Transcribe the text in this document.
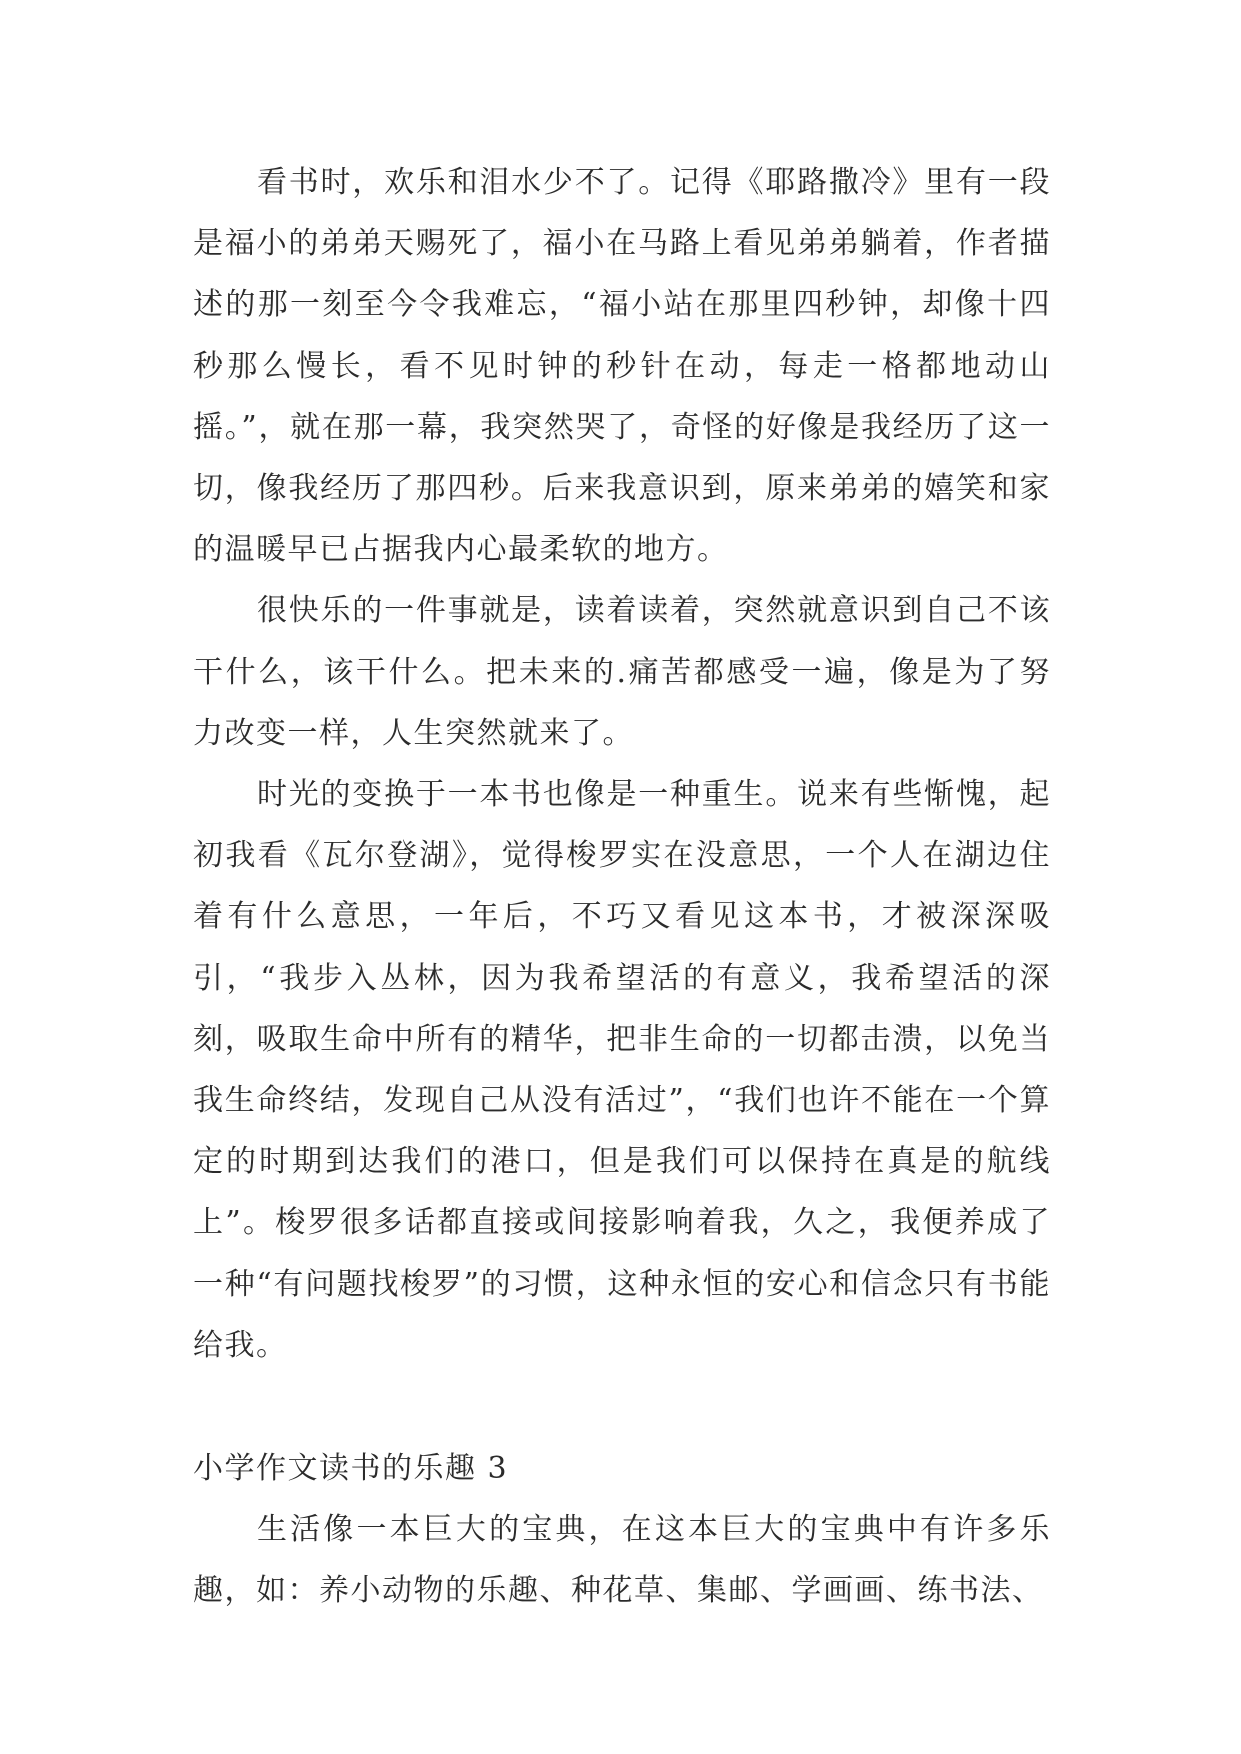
看书时，欢乐和泪水少不了。记得《耶路撒冷》里有一段是福小的弟弟天赐死了，福小在马路上看见弟弟躺着，作者描述的那一刻至今令我难忘，“福小站在那里四秒钟，却像十四秒那么慢长，看不见时钟的秒针在动，每走一格都地动山摇。”，就在那一幕，我突然哭了，奇怪的好像是我经历了这一切，像我经历了那四秒。后来我意识到，原来弟弟的嬉笑和家的温暖早已占据我内心最柔软的地方。

很快乐的一件事就是，读着读着，突然就意识到自己不该干什么，该干什么。把未来的.痛苦都感受一遍，像是为了努力改变一样，人生突然就来了。

时光的变换于一本书也像是一种重生。说来有些惭愧，起初我看《瓦尔登湖》，觉得梭罗实在没意思，一个人在湖边住着有什么意思，一年后，不巧又看见这本书，才被深深吸引，“我步入丛林，因为我希望活的有意义，我希望活的深刻，吸取生命中所有的精华，把非生命的一切都击溃，以免当我生命终结，发现自己从没有活过”，“我们也许不能在一个算定的时期到达我们的港口，但是我们可以保持在真是的航线上”。梭罗很多话都直接或间接影响着我，久之，我便养成了一种“有问题找梭罗”的习惯，这种永恒的安心和信念只有书能给我。

小学作文读书的乐趣 3

生活像一本巨大的宝典，在这本巨大的宝典中有许多乐趣，如：养小动物的乐趣、种花草、集邮、学画画、练书法、
